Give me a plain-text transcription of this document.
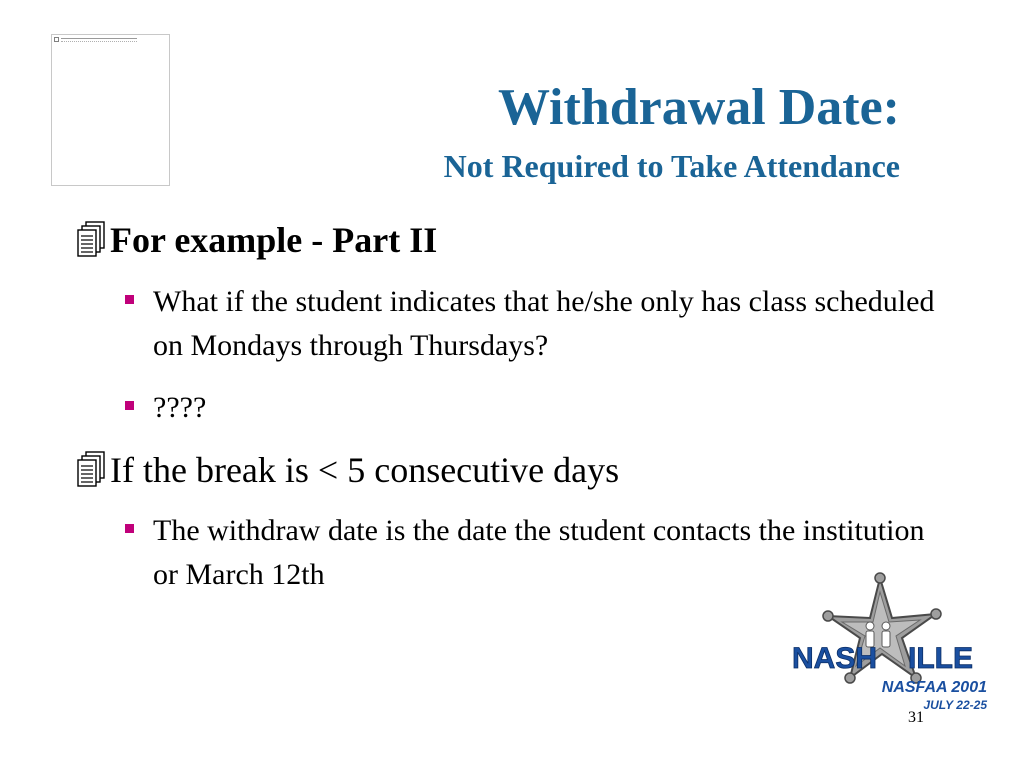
Withdrawal Date:
Not Required to Take Attendance
For example - Part II
What if the student indicates that he/she only has class scheduled on Mondays through Thursdays?
????
If the break is < 5 consecutive days
The withdraw date is the date the student contacts the institution or March 12th
NASH ILLE
NASFAA 2001
JULY 22-25
31
